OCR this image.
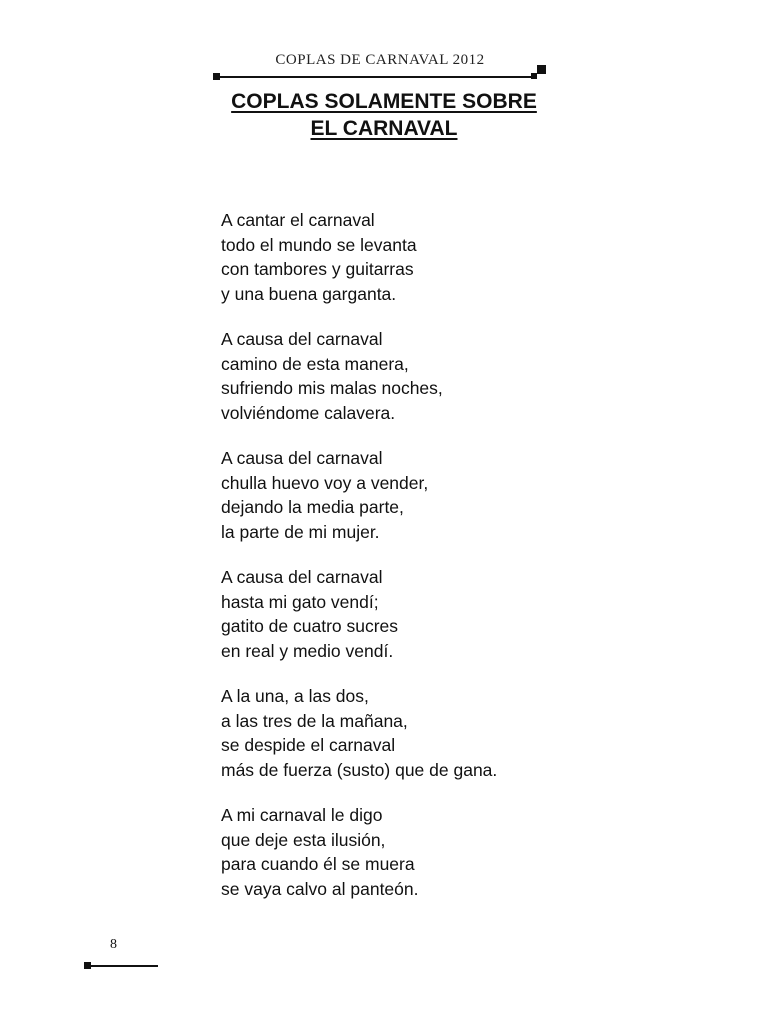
COPLAS DE CARNAVAL 2012
COPLAS SOLAMENTE SOBRE
EL CARNAVAL
A cantar el carnaval
todo el mundo se levanta
con tambores y guitarras
y una buena garganta.
A causa del carnaval
camino de esta manera,
sufriendo mis malas noches,
volviéndome calavera.
A causa del carnaval
chulla huevo voy a vender,
dejando la media parte,
la parte de mi mujer.
A causa del carnaval
hasta mi gato vendí;
gatito de cuatro sucres
en real y medio vendí.
A la una, a las dos,
a las tres de la mañana,
se despide el carnaval
más de fuerza (susto) que de gana.
A mi carnaval le digo
que deje esta ilusión,
para cuando él se muera
se vaya calvo al panteón.
8
